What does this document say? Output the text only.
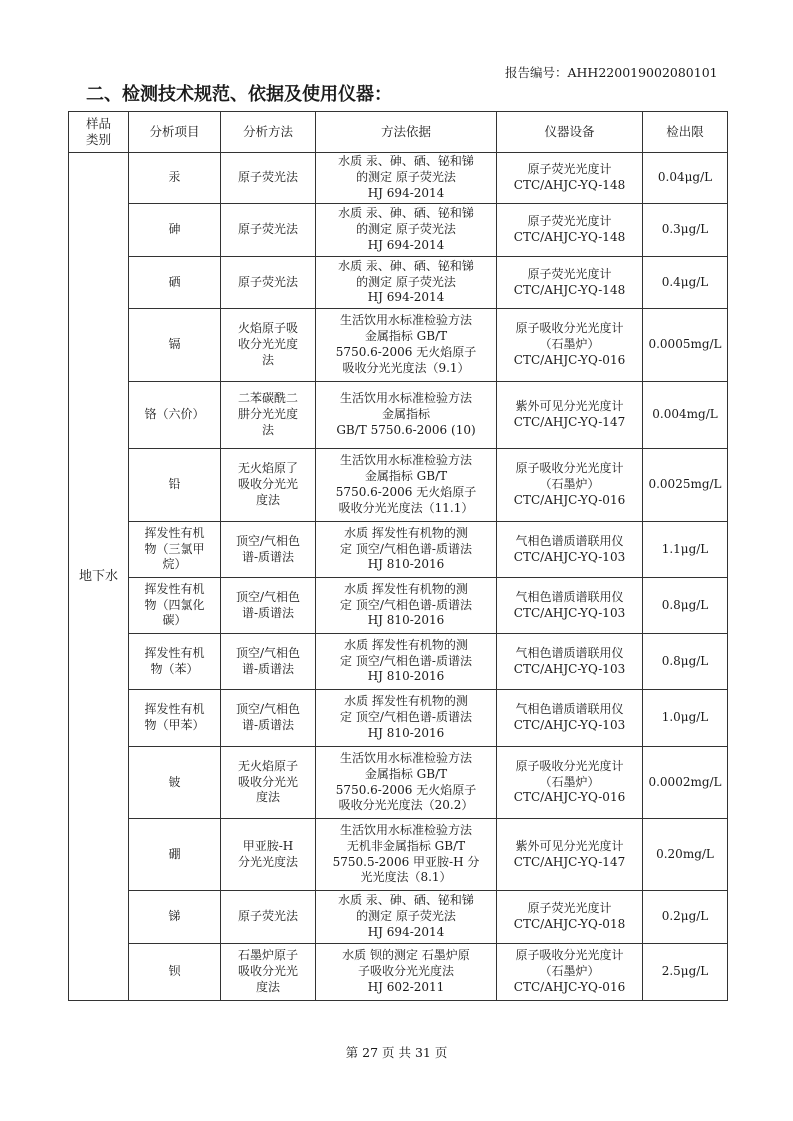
报告编号：AHH220019002080101
二、检测技术规范、依据及使用仪器：
样品
类别	分析项目	分析方法	方法依据	仪器设备	检出限
地下水	汞	原子荧光法	水质 汞、砷、硒、铋和锑
的测定 原子荧光法
HJ 694-2014	原子荧光光度计
CTC/AHJC-YQ-148	0.04μg/L
	砷	原子荧光法	水质 汞、砷、硒、铋和锑
的测定 原子荧光法
HJ 694-2014	原子荧光光度计
CTC/AHJC-YQ-148	0.3μg/L
	硒	原子荧光法	水质 汞、砷、硒、铋和锑
的测定 原子荧光法
HJ 694-2014	原子荧光光度计
CTC/AHJC-YQ-148	0.4μg/L
	镉	火焰原子吸
收分光光度
法	生活饮用水标准检验方法
金属指标 GB/T
5750.6-2006 无火焰原子
吸收分光光度法（9.1）	原子吸收分光光度计
（石墨炉）
CTC/AHJC-YQ-016	0.0005mg/L
	铬（六价）	二苯碳酰二
肼分光光度
法	生活饮用水标准检验方法
金属指标
GB/T 5750.6-2006 (10)	紫外可见分光光度计
CTC/AHJC-YQ-147	0.004mg/L
	铅	无火焰原了
吸收分光光
度法	生活饮用水标准检验方法
金属指标 GB/T
5750.6-2006 无火焰原子
吸收分光光度法（11.1）	原子吸收分光光度计
（石墨炉）
CTC/AHJC-YQ-016	0.0025mg/L
	挥发性有机
物（三氯甲
烷）	顶空/气相色
谱-质谱法	水质 挥发性有机物的测
定 顶空/气相色谱-质谱法
HJ 810-2016	气相色谱质谱联用仪
CTC/AHJC-YQ-103	1.1μg/L
	挥发性有机
物（四氯化
碳）	顶空/气相色
谱-质谱法	水质 挥发性有机物的测
定 顶空/气相色谱-质谱法
HJ 810-2016	气相色谱质谱联用仪
CTC/AHJC-YQ-103	0.8μg/L
	挥发性有机
物（苯）	顶空/气相色
谱-质谱法	水质 挥发性有机物的测
定 顶空/气相色谱-质谱法
HJ 810-2016	气相色谱质谱联用仪
CTC/AHJC-YQ-103	0.8μg/L
	挥发性有机
物（甲苯）	顶空/气相色
谱-质谱法	水质 挥发性有机物的测
定 顶空/气相色谱-质谱法
HJ 810-2016	气相色谱质谱联用仪
CTC/AHJC-YQ-103	1.0μg/L
	铍	无火焰原子
吸收分光光
度法	生活饮用水标准检验方法
金属指标 GB/T
5750.6-2006 无火焰原子
吸收分光光度法（20.2）	原子吸收分光光度计
（石墨炉）
CTC/AHJC-YQ-016	0.0002mg/L
	硼	甲亚胺-H
分光光度法	生活饮用水标准检验方法
无机非金属指标 GB/T
5750.5-2006 甲亚胺-H 分
光光度法（8.1）	紫外可见分光光度计
CTC/AHJC-YQ-147	0.20mg/L
	锑	原子荧光法	水质 汞、砷、硒、铋和锑
的测定 原子荧光法
HJ 694-2014	原子荧光光度计
CTC/AHJC-YQ-018	0.2μg/L
	钡	石墨炉原子
吸收分光光
度法	水质 钡的测定 石墨炉原
子吸收分光光度法
HJ 602-2011	原子吸收分光光度计
（石墨炉）
CTC/AHJC-YQ-016	2.5μg/L
第 27 页 共 31 页
